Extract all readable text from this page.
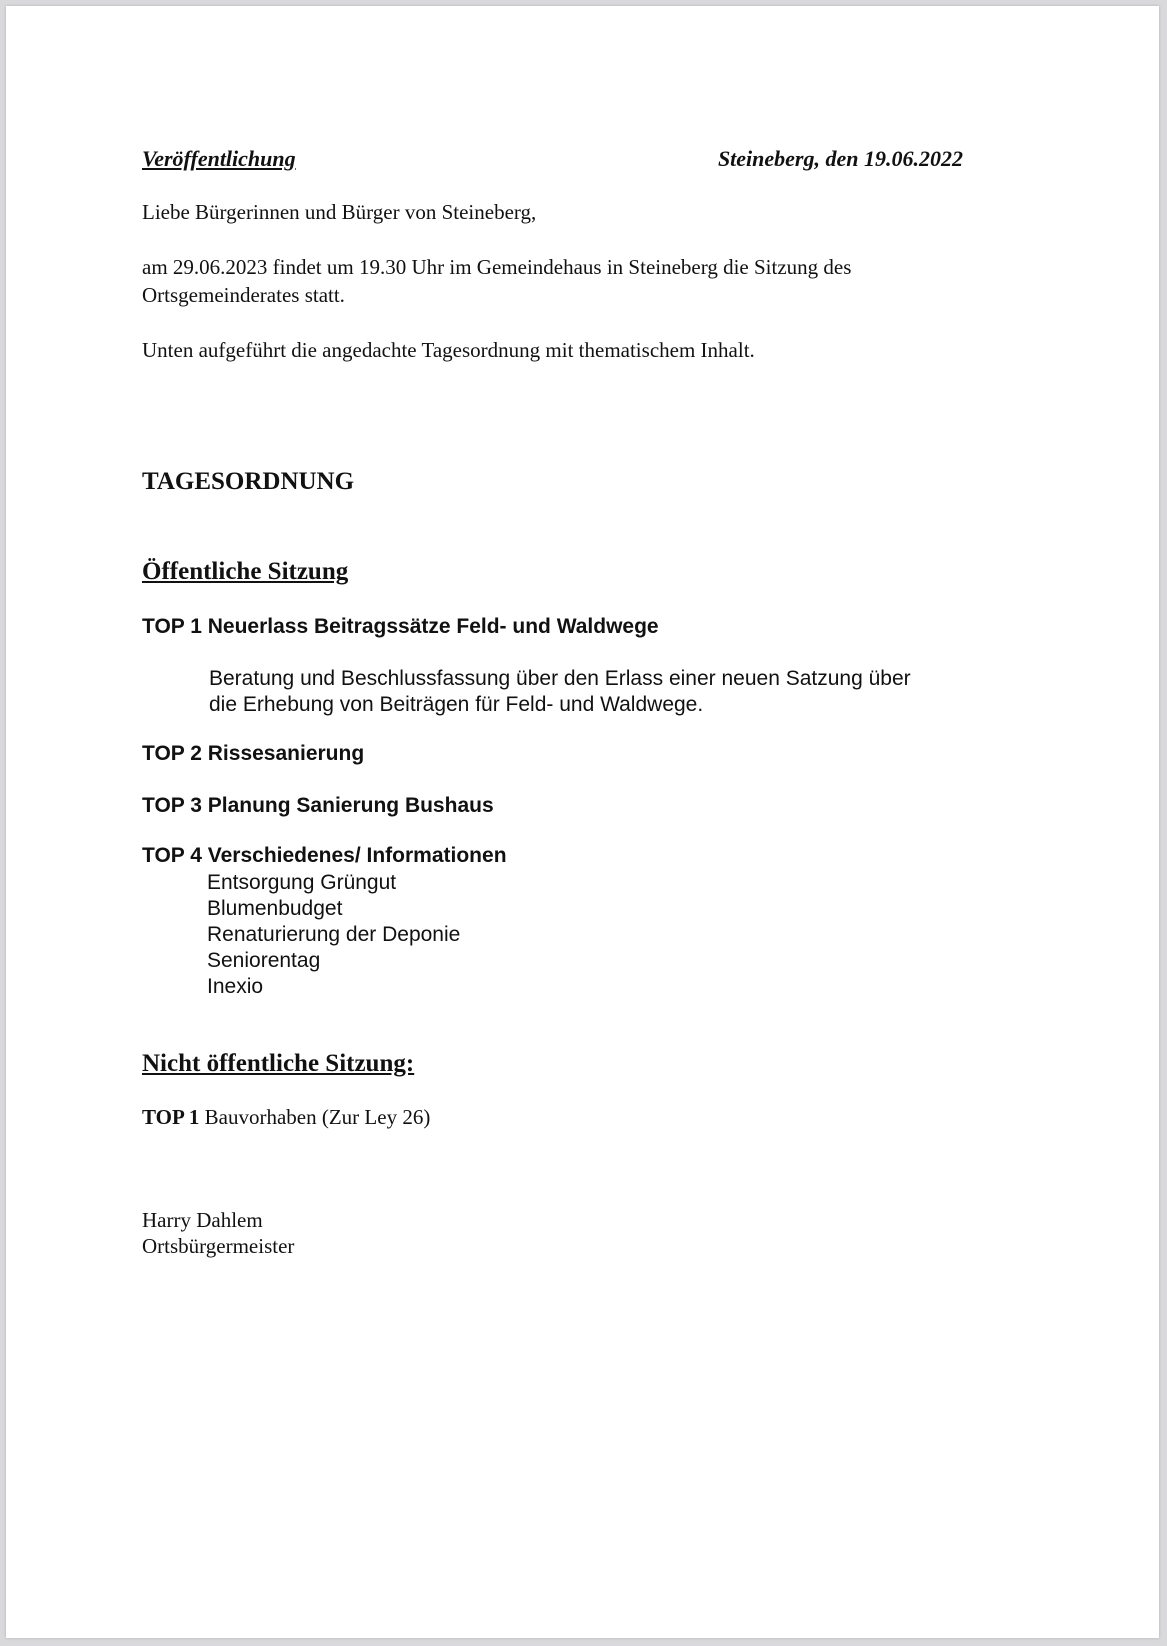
Veröffentlichung	Steineberg, den 19.06.2022

Liebe Bürgerinnen und Bürger von Steineberg,

am 29.06.2023 findet um 19.30 Uhr im Gemeindehaus in Steineberg die Sitzung des
Ortsgemeinderates statt.

Unten aufgeführt die angedachte Tagesordnung mit thematischem Inhalt.

TAGESORDNUNG

Öffentliche Sitzung

TOP 1 Neuerlass Beitragssätze Feld- und Waldwege

Beratung und Beschlussfassung über den Erlass einer neuen Satzung über
die Erhebung von Beiträgen für Feld- und Waldwege.

TOP 2 Rissesanierung

TOP 3 Planung Sanierung Bushaus

TOP 4 Verschiedenes/ Informationen

Entsorgung Grüngut
Blumenbudget
Renaturierung der Deponie
Seniorentag
Inexio

Nicht öffentliche Sitzung:

TOP 1 Bauvorhaben (Zur Ley 26)

Harry Dahlem
Ortsbürgermeister
